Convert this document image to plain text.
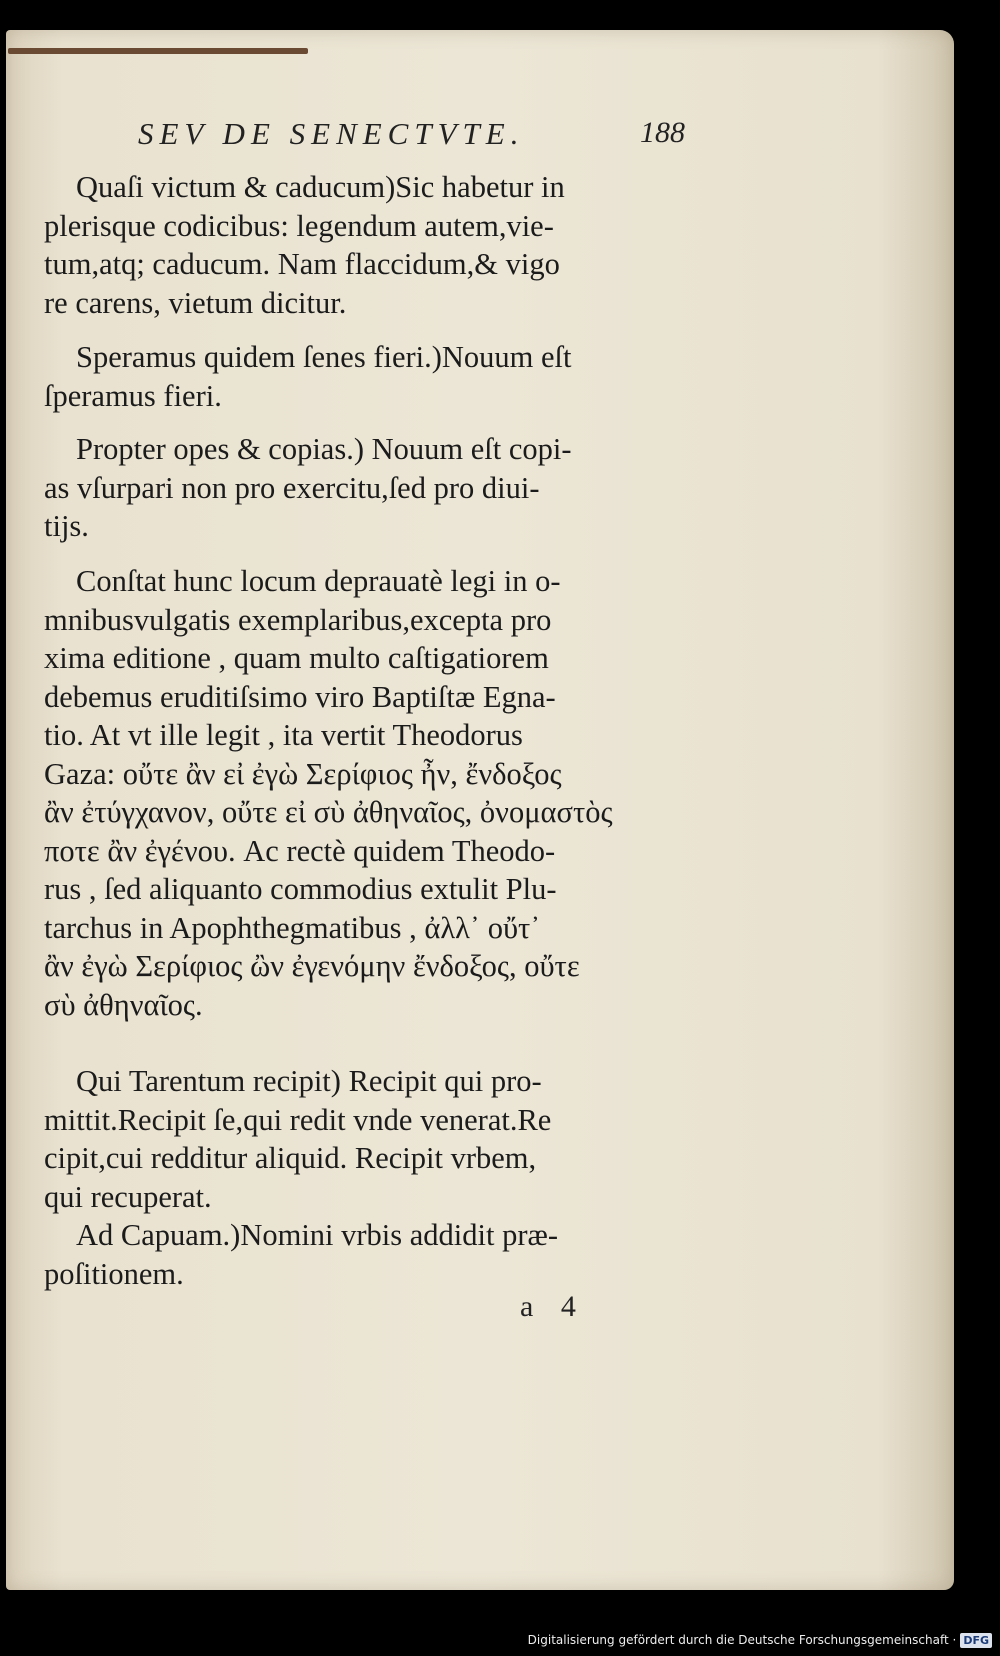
SEV DE SENECTVTE.	188
Quaſi victum & caducum)Sic habetur in
plerisque codicibus: legendum autem,vie-
tum,atq; caducum. Nam flaccidum,& vigo
re carens, vietum dicitur.
Speramus quidem ſenes fieri.)Nouum eſt
ſperamus fieri.
Propter opes & copias.) Nouum eſt copi-
as vſurpari non pro exercitu,ſed pro diui-
tijs.
Conſtat hunc locum deprauatè legi in o-
mnibusvulgatis exemplaribus,excepta pro
xima editione , quam multo caſtigatiorem
debemus eruditiſsimo viro Baptiſtæ Egna-
tio. At vt ille legit , ita vertit Theodorus
Gaza: οὔτε ἂν εἰ ἐγὼ Σερίφιος ἦν, ἔνδοξος
ἂν ἐτύγχανον, οὔτε εἰ σὺ ἀθηναῖος, ὀνομαστὸς
ποτε ἂν ἐγένου. Ac rectè quidem Theodo-
rus , ſed aliquanto commodius extulit Plu-
tarchus in Apophthegmatibus , ἀλλ᾽ οὔτ᾽
ἂν ἐγὼ Σερίφιος ὢν ἐγενόμην ἔνδοξος, οὔτε
σὺ ἀθηναῖος.
Qui Tarentum recipit) Recipit qui pro-
mittit.Recipit ſe,qui redit vnde venerat.Re
cipit,cui redditur aliquid. Recipit vrbem,
qui recuperat.
Ad Capuam.)Nomini vrbis addidit præ-
poſitionem.
a 4
Digitalisierung gefördert durch die Deutsche Forschungsgemeinschaft · DFG
